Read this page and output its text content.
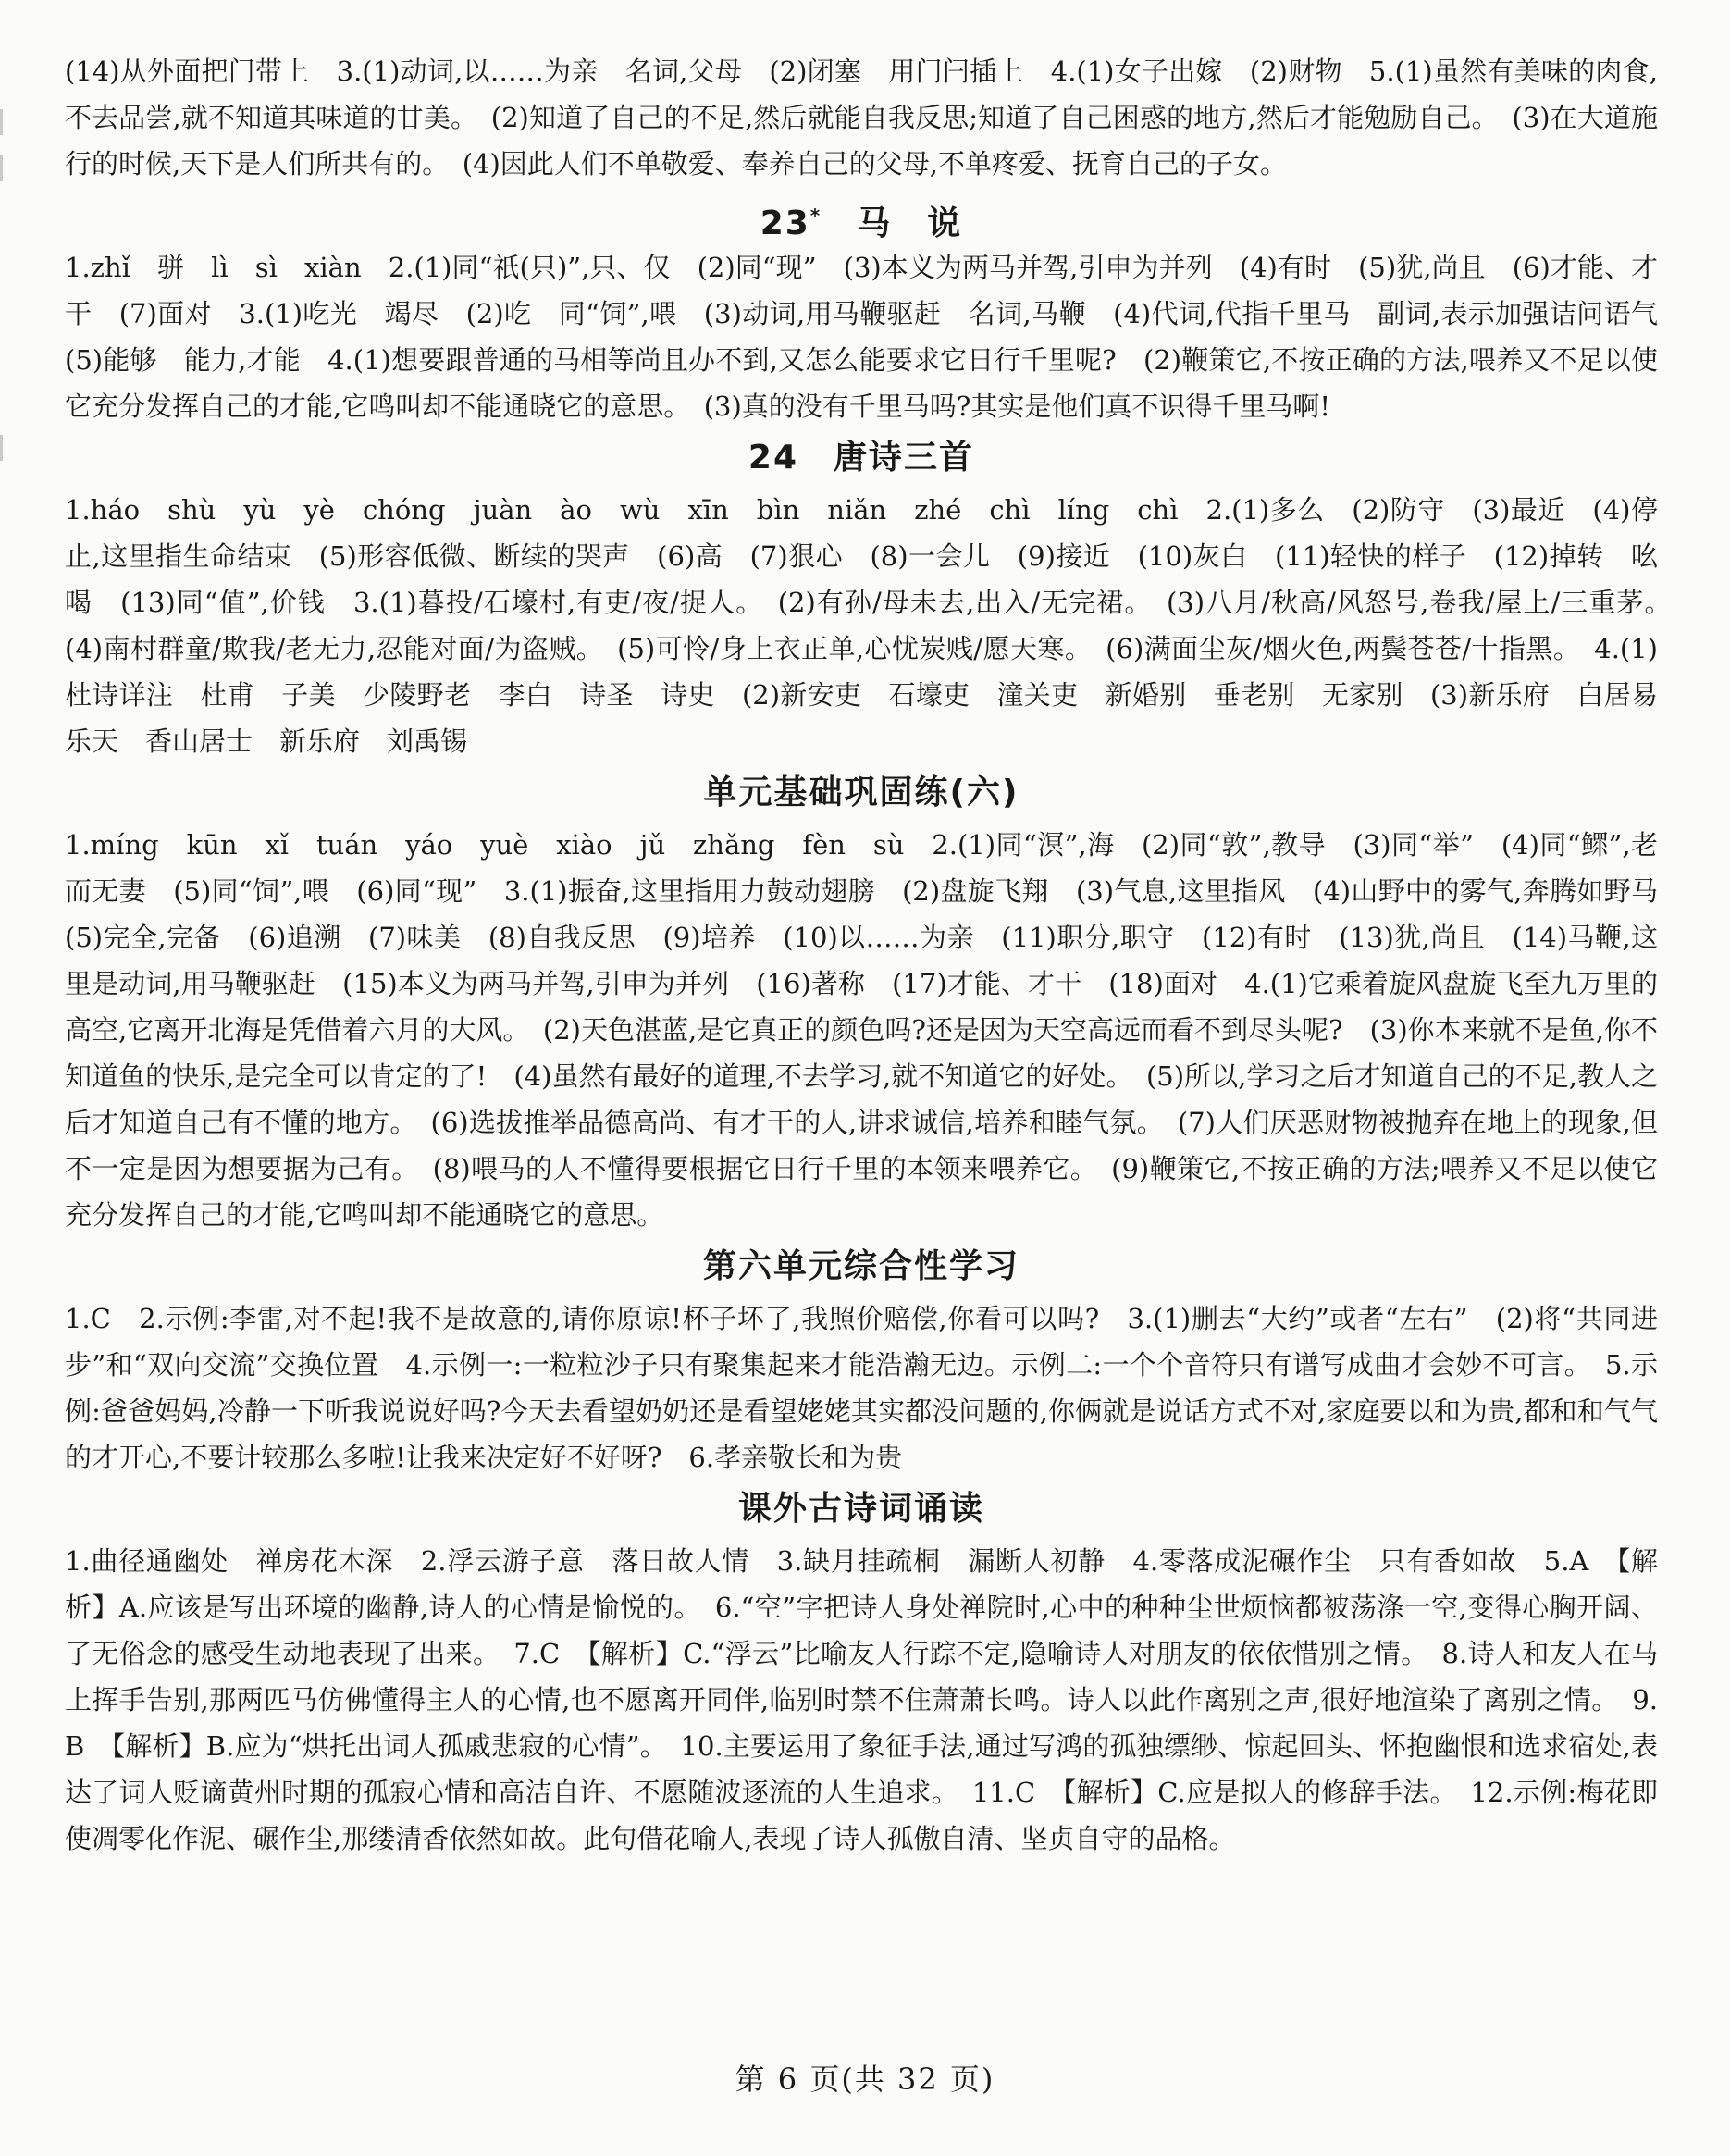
(14)从外面把门带上　3.(1)动词,以……为亲　名词,父母　(2)闭塞　用门闩插上　4.(1)女子出嫁　(2)财物　5.(1)虽然有美味的肉食,不去品尝,就不知道其味道的甘美。　(2)知道了自己的不足,然后就能自我反思;知道了自己困惑的地方,然后才能勉励自己。　(3)在大道施行的时候,天下是人们所共有的。　(4)因此人们不单敬爱、奉养自己的父母,不单疼爱、抚育自己的子女。

23*　 马　说

1.zhǐ　骈　lì　sì　xiàn　2.(1)同“祇(只)”,只、仅　(2)同“现”　(3)本义为两马并驾,引申为并列　(4)有时　(5)犹,尚且　(6)才能、才干　(7)面对　3.(1)吃光　竭尽　(2)吃　同“饲”,喂　(3)动词,用马鞭驱赶　名词,马鞭　(4)代词,代指千里马　副词,表示加强诘问语气　(5)能够　能力,才能　4.(1)想要跟普通的马相等尚且办不到,又怎么能要求它日行千里呢?　(2)鞭策它,不按正确的方法,喂养又不足以使它充分发挥自己的才能,它鸣叫却不能通晓它的意思。　(3)真的没有千里马吗?其实是他们真不识得千里马啊!

24　 唐诗三首

1.háo　shù　yù　yè　chóng　juàn　ào　wù　xīn　bìn　niǎn　zhé　chì　líng　chì　2.(1)多么　(2)防守　(3)最近　(4)停止,这里指生命结束　(5)形容低微、断续的哭声　(6)高　(7)狠心　(8)一会儿　(9)接近　(10)灰白　(11)轻快的样子　(12)掉转　吆喝　(13)同“值”,价钱　3.(1)暮投/石壕村,有吏/夜/捉人。　(2)有孙/母未去,出入/无完裙。　(3)八月/秋高/风怒号,卷我/屋上/三重茅。　(4)南村群童/欺我/老无力,忍能对面/为盗贼。　(5)可怜/身上衣正单,心忧炭贱/愿天寒。　(6)满面尘灰/烟火色,两鬓苍苍/十指黑。　4.(1)杜诗详注　杜甫　子美　少陵野老　李白　诗圣　诗史　(2)新安吏　石壕吏　潼关吏　新婚别　垂老别　无家别　(3)新乐府　白居易　乐天　香山居士　新乐府　刘禹锡

单元基础巩固练(六)

1.míng　kūn　xǐ　tuán　yáo　yuè　xiào　jǔ　zhǎng　fèn　sù　2.(1)同“溟”,海　(2)同“敦”,教导　(3)同“举”　(4)同“鳏”,老而无妻　(5)同“饲”,喂　(6)同“现”　3.(1)振奋,这里指用力鼓动翅膀　(2)盘旋飞翔　(3)气息,这里指风　(4)山野中的雾气,奔腾如野马　(5)完全,完备　(6)追溯　(7)味美　(8)自我反思　(9)培养　(10)以……为亲　(11)职分,职守　(12)有时　(13)犹,尚且　(14)马鞭,这里是动词,用马鞭驱赶　(15)本义为两马并驾,引申为并列　(16)著称　(17)才能、才干　(18)面对　4.(1)它乘着旋风盘旋飞至九万里的高空,它离开北海是凭借着六月的大风。　(2)天色湛蓝,是它真正的颜色吗?还是因为天空高远而看不到尽头呢?　(3)你本来就不是鱼,你不知道鱼的快乐,是完全可以肯定的了!　(4)虽然有最好的道理,不去学习,就不知道它的好处。　(5)所以,学习之后才知道自己的不足,教人之后才知道自己有不懂的地方。　(6)选拔推举品德高尚、有才干的人,讲求诚信,培养和睦气氛。　(7)人们厌恶财物被抛弃在地上的现象,但不一定是因为想要据为己有。　(8)喂马的人不懂得要根据它日行千里的本领来喂养它。　(9)鞭策它,不按正确的方法;喂养又不足以使它充分发挥自己的才能,它鸣叫却不能通晓它的意思。

第六单元综合性学习

1.C　2.示例:李雷,对不起!我不是故意的,请你原谅!杯子坏了,我照价赔偿,你看可以吗?　3.(1)删去“大约”或者“左右”　(2)将“共同进步”和“双向交流”交换位置　4.示例一:一粒粒沙子只有聚集起来才能浩瀚无边。示例二:一个个音符只有谱写成曲才会妙不可言。　5.示例:爸爸妈妈,冷静一下听我说说好吗?今天去看望奶奶还是看望姥姥其实都没问题的,你俩就是说话方式不对,家庭要以和为贵,都和和气气的才开心,不要计较那么多啦!让我来决定好不好呀?　6.孝亲敬长和为贵

课外古诗词诵读

1.曲径通幽处　禅房花木深　2.浮云游子意　落日故人情　3.缺月挂疏桐　漏断人初静　4.零落成泥碾作尘　只有香如故　5.A　【解析】A.应该是写出环境的幽静,诗人的心情是愉悦的。　6.“空”字把诗人身处禅院时,心中的种种尘世烦恼都被荡涤一空,变得心胸开阔、了无俗念的感受生动地表现了出来。　7.C　【解析】C.“浮云”比喻友人行踪不定,隐喻诗人对朋友的依依惜别之情。　8.诗人和友人在马上挥手告别,那两匹马仿佛懂得主人的心情,也不愿离开同伴,临别时禁不住萧萧长鸣。诗人以此作离别之声,很好地渲染了离别之情。　9.B　【解析】B.应为“烘托出词人孤戚悲寂的心情”。　10.主要运用了象征手法,通过写鸿的孤独缥缈、惊起回头、怀抱幽恨和选求宿处,表达了词人贬谪黄州时期的孤寂心情和高洁自许、不愿随波逐流的人生追求。　11.C　【解析】C.应是拟人的修辞手法。　12.示例:梅花即使凋零化作泥、碾作尘,那缕清香依然如故。此句借花喻人,表现了诗人孤傲自清、坚贞自守的品格。

第 6 页(共 32 页)
